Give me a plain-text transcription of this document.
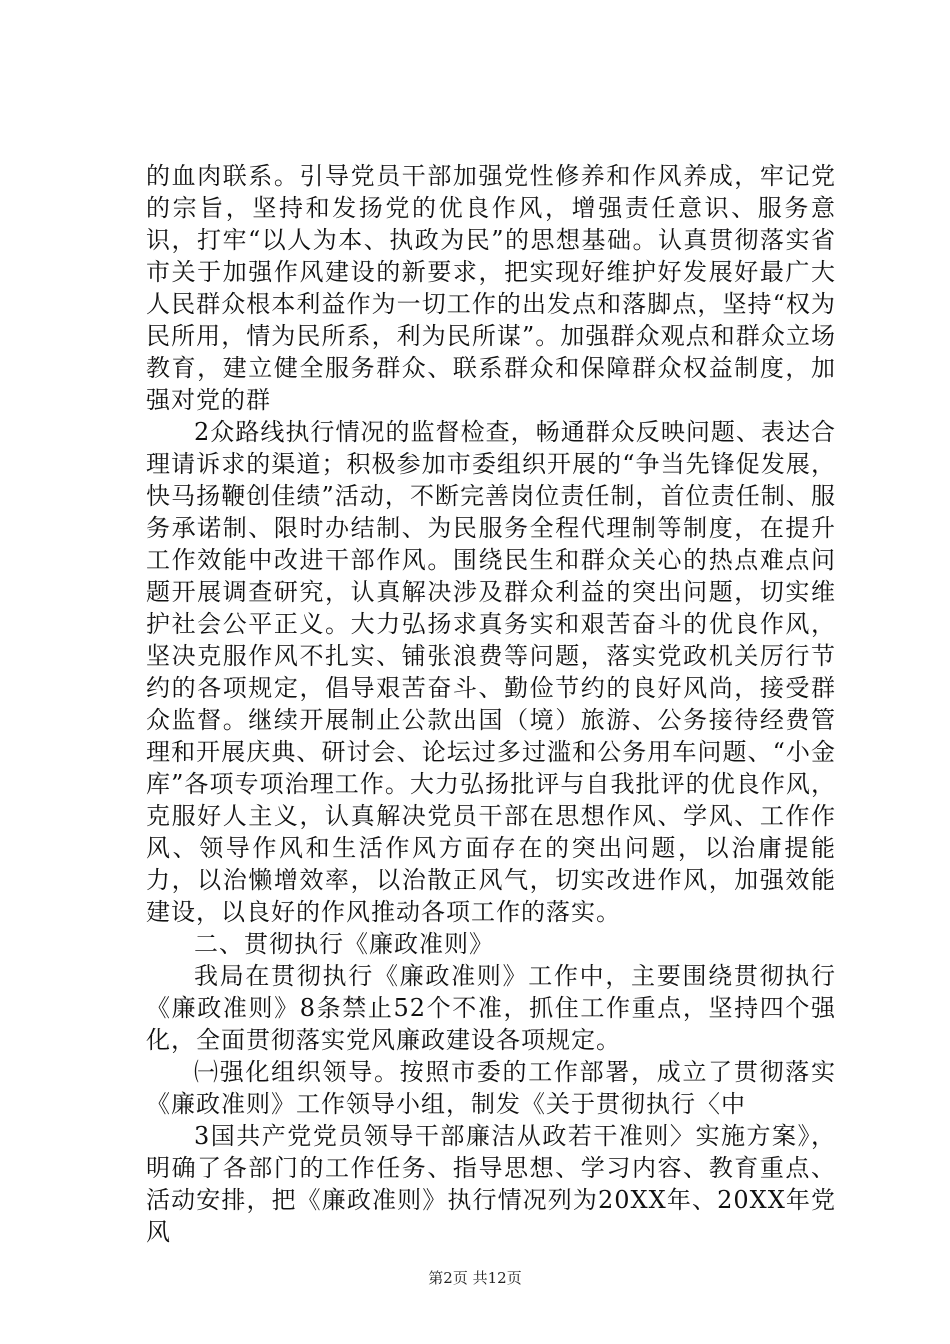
的血肉联系。引导党员干部加强党性修养和作风养成，牢记党的宗旨，坚持和发扬党的优良作风，增强责任意识、服务意识，打牢“以人为本、执政为民”的思想基础。认真贯彻落实省市关于加强作风建设的新要求，把实现好维护好发展好最广大人民群众根本利益作为一切工作的出发点和落脚点，坚持“权为民所用，情为民所系，利为民所谋”。加强群众观点和群众立场教育，建立健全服务群众、联系群众和保障群众权益制度，加强对党的群

2众路线执行情况的监督检查，畅通群众反映问题、表达合理请诉求的渠道；积极参加市委组织开展的“争当先锋促发展，快马扬鞭创佳绩”活动，不断完善岗位责任制，首位责任制、服务承诺制、限时办结制、为民服务全程代理制等制度，在提升工作效能中改进干部作风。围绕民生和群众关心的热点难点问题开展调查研究，认真解决涉及群众利益的突出问题，切实维护社会公平正义。大力弘扬求真务实和艰苦奋斗的优良作风，坚决克服作风不扎实、铺张浪费等问题，落实党政机关厉行节约的各项规定，倡导艰苦奋斗、勤俭节约的良好风尚，接受群众监督。继续开展制止公款出国（境）旅游、公务接待经费管理和开展庆典、研讨会、论坛过多过滥和公务用车问题、“小金库”各项专项治理工作。大力弘扬批评与自我批评的优良作风，克服好人主义，认真解决党员干部在思想作风、学风、工作作风、领导作风和生活作风方面存在的突出问题，以治庸提能力，以治懒增效率，以治散正风气，切实改进作风，加强效能建设，以良好的作风推动各项工作的落实。

二、贯彻执行《廉政准则》

我局在贯彻执行《廉政准则》工作中，主要围绕贯彻执行《廉政准则》8条禁止52个不准，抓住工作重点，坚持四个强化，全面贯彻落实党风廉政建设各项规定。

㈠强化组织领导。按照市委的工作部署，成立了贯彻落实《廉政准则》工作领导小组，制发《关于贯彻执行〈中

3国共产党党员领导干部廉洁从政若干准则〉实施方案》，明确了各部门的工作任务、指导思想、学习内容、教育重点、活动安排，把《廉政准则》执行情况列为20XX年、20XX年党风

第2页 共12页
